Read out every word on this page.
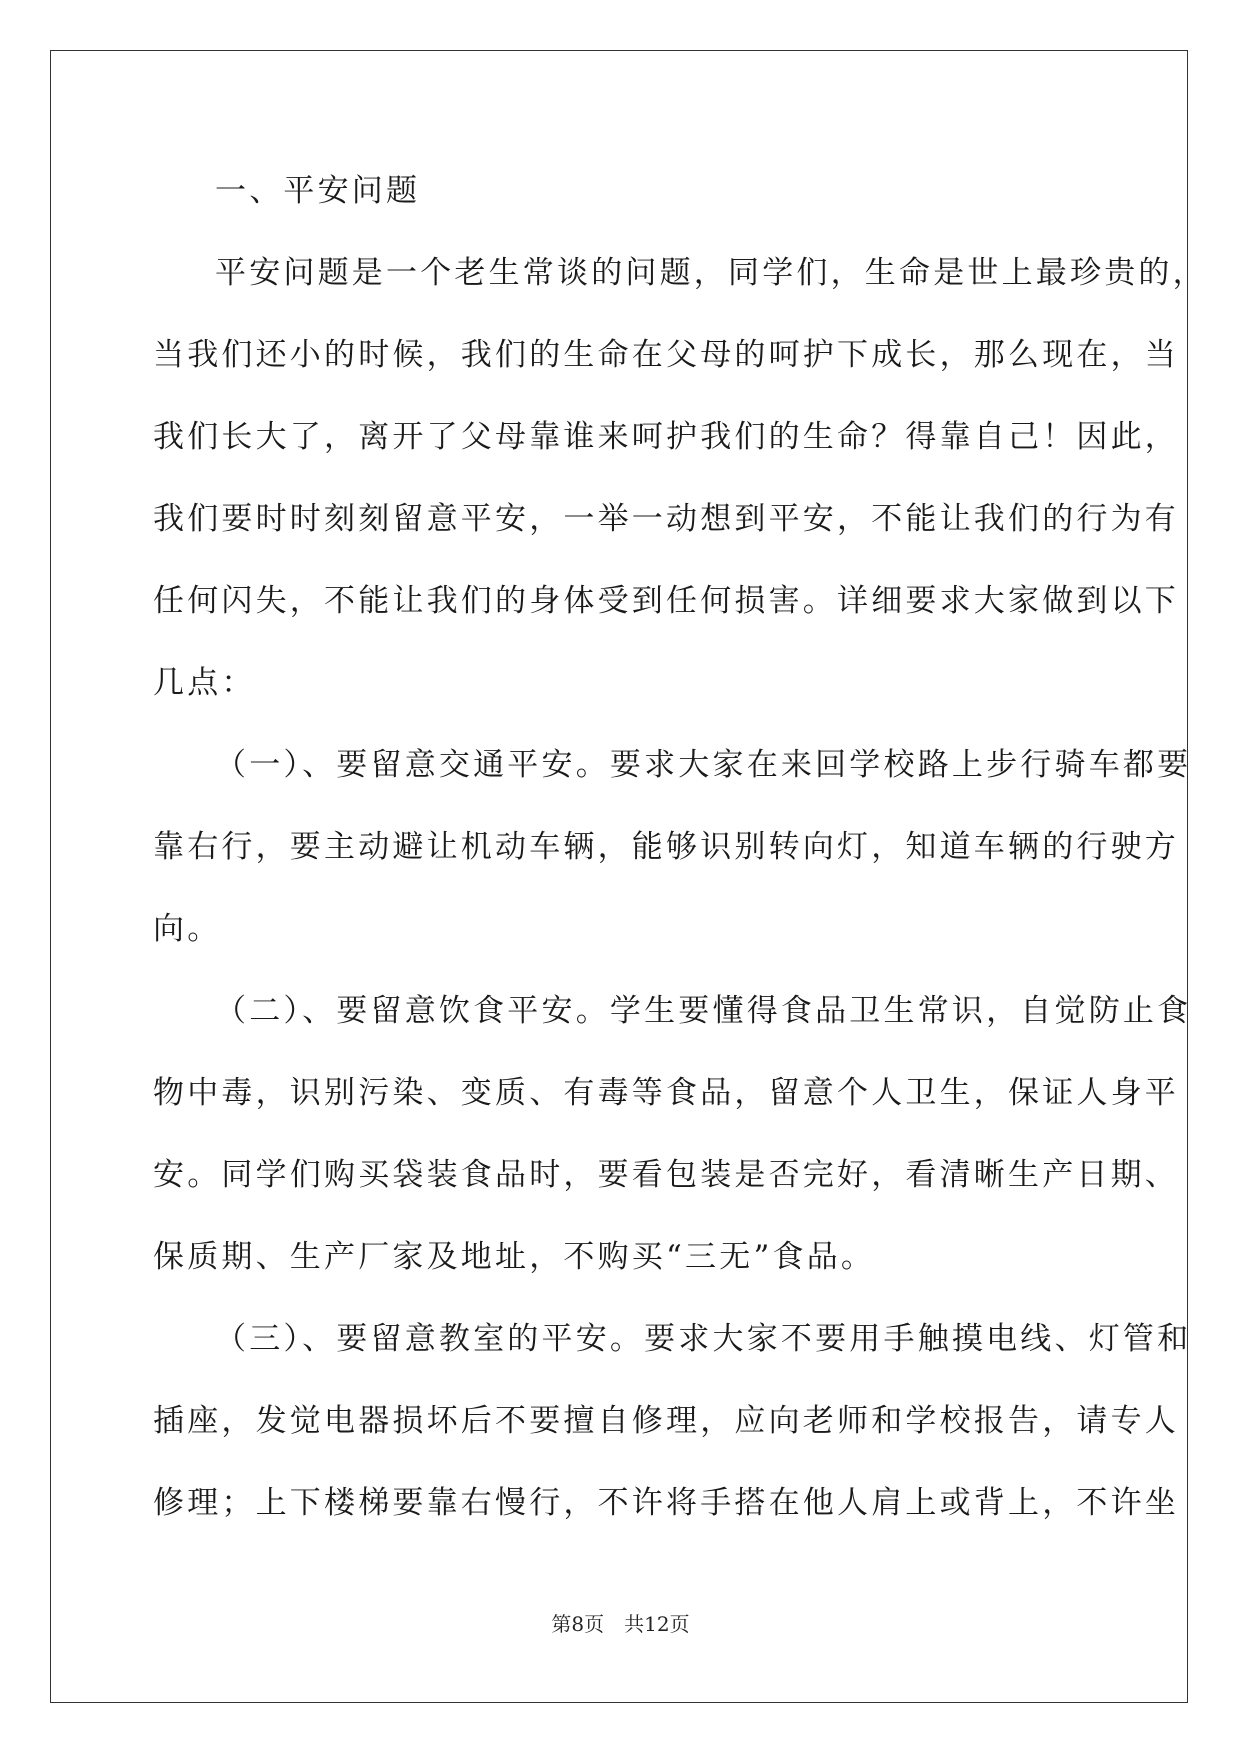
一、平安问题
平安问题是一个老生常谈的问题，同学们，生命是世上最珍贵的，
当我们还小的时候，我们的生命在父母的呵护下成长，那么现在，当
我们长大了，离开了父母靠谁来呵护我们的生命？得靠自己！因此，
我们要时时刻刻留意平安，一举一动想到平安，不能让我们的行为有
任何闪失，不能让我们的身体受到任何损害。详细要求大家做到以下
几点：
（一）、要留意交通平安。要求大家在来回学校路上步行骑车都要
靠右行，要主动避让机动车辆，能够识别转向灯，知道车辆的行驶方
向。
（二）、要留意饮食平安。学生要懂得食品卫生常识，自觉防止食
物中毒，识别污染、变质、有毒等食品，留意个人卫生，保证人身平
安。同学们购买袋装食品时，要看包装是否完好，看清晰生产日期、
保质期、生产厂家及地址，不购买“三无”食品。
（三）、要留意教室的平安。要求大家不要用手触摸电线、灯管和
插座，发觉电器损坏后不要擅自修理，应向老师和学校报告，请专人
修理；上下楼梯要靠右慢行，不许将手搭在他人肩上或背上，不许坐
第8页　共12页
